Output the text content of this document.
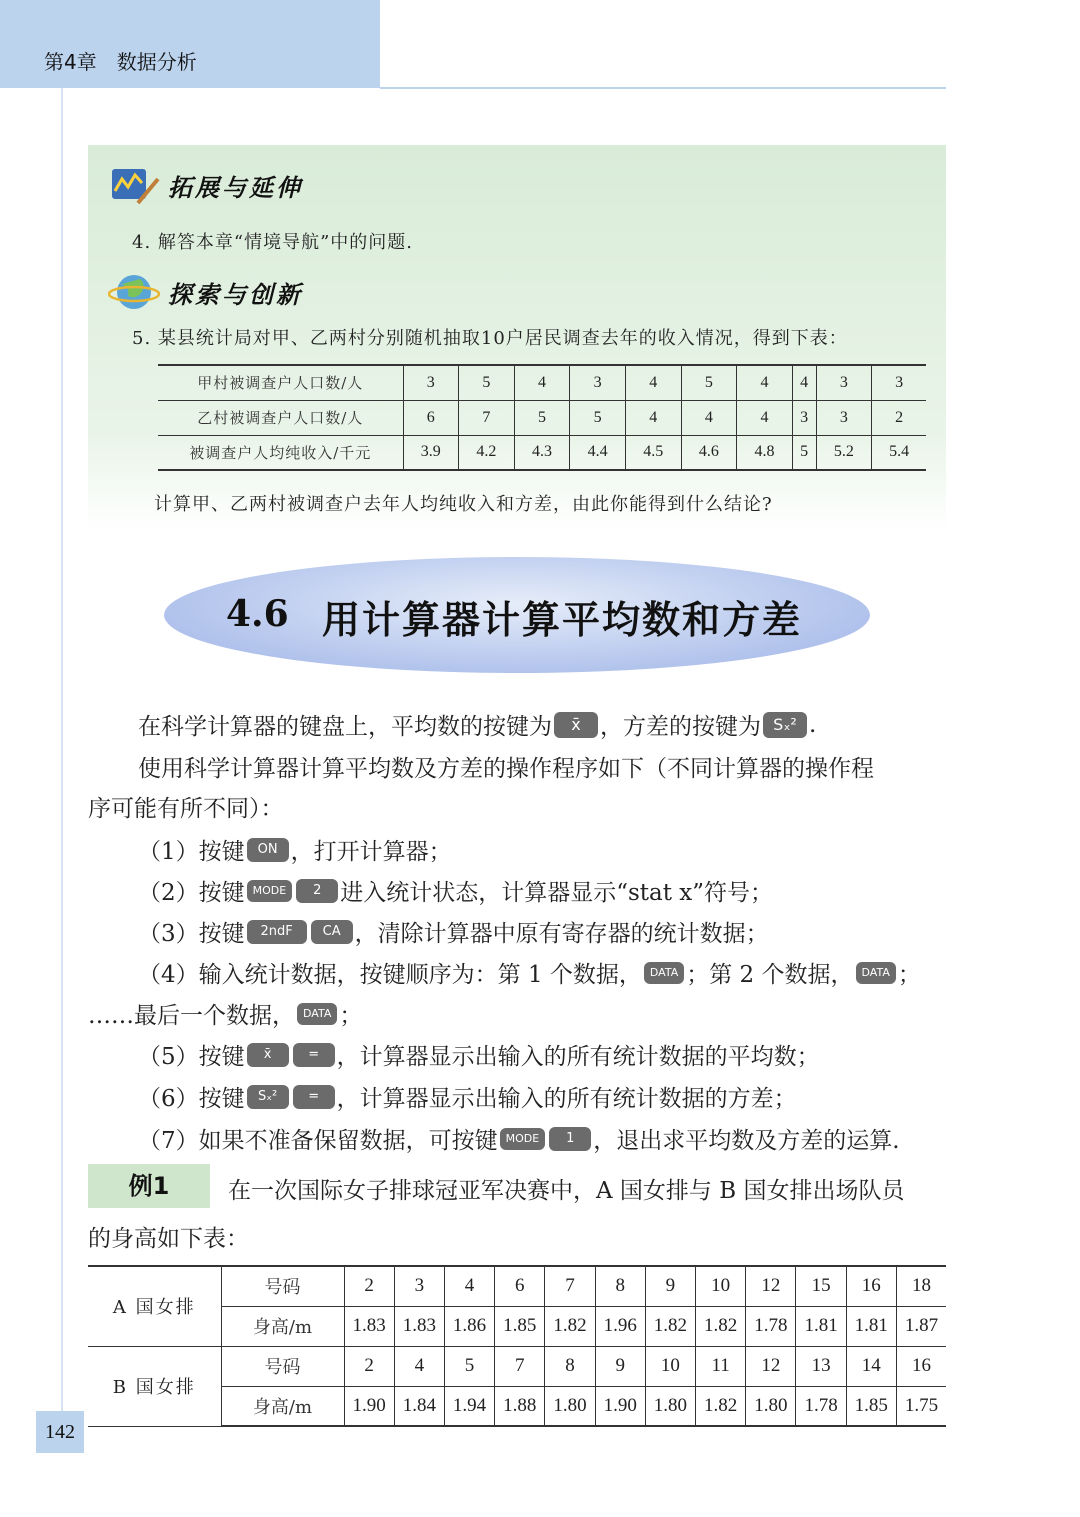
第4章　数据分析
拓展与延伸
4. 解答本章“情境导航”中的问题.
探索与创新
5. 某县统计局对甲、乙两村分别随机抽取10户居民调查去年的收入情况，得到下表：
甲村被调查户人口数/人	3	5	4	3	4	5	4	4	3	3
乙村被调查户人口数/人	6	7	5	5	4	4	4	3	3	2
被调查户人均纯收入/千元	3.9	4.2	4.3	4.4	4.5	4.6	4.8	5	5.2	5.4
计算甲、乙两村被调查户去年人均纯收入和方差，由此你能得到什么结论?
4.6 用计算器计算平均数和方差
在科学计算器的键盘上，平均数的按键为	x̄ ，方差的按键为 Sₓ² .
使用科学计算器计算平均数及方差的操作程序如下（不同计算器的操作程
序可能有所不同）：
（1）按键	ON ，打开计算器；
（2）按键 MODE	2 进入统计状态，计算器显示“stat x”符号；
（3）按键	2ndF	CA ，清除计算器中原有寄存器的统计数据；
（4）输入统计数据，按键顺序为：第 1 个数据， DATA ；第 2 个数据， DATA ；
……最后一个数据， DATA ；
（5）按键	x̄	= ，计算器显示出输入的所有统计数据的平均数；
（6）按键	Sₓ²	= ，计算器显示出输入的所有统计数据的方差；
（7）如果不准备保留数据，可按键 MODE	1 ，退出求平均数及方差的运算.
例1	在一次国际女子排球冠亚军决赛中，A 国女排与 B 国女排出场队员
的身高如下表：
A 国女排	号码	2	3	4	6	7	8	9	10	12	15	16	18
	身高/m	1.83	1.83	1.86	1.85	1.82	1.96	1.82	1.82	1.78	1.81	1.81	1.87
B 国女排	号码	2	4	5	7	8	9	10	11	12	13	14	16
	身高/m	1.90	1.84	1.94	1.88	1.80	1.90	1.80	1.82	1.80	1.78	1.85	1.75
142
